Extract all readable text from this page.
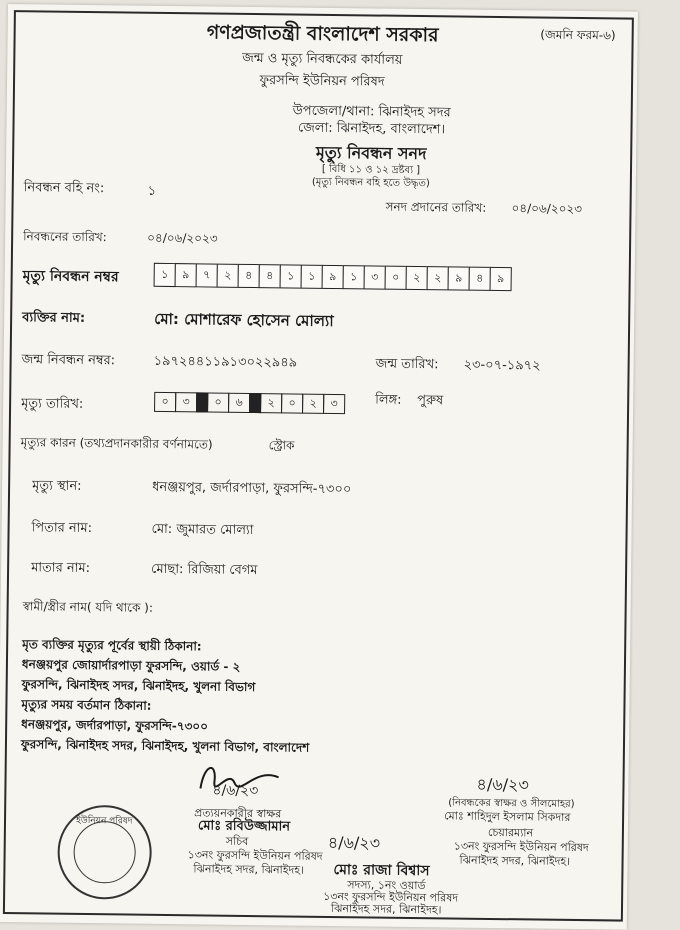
গণপ্রজাতন্ত্রী বাংলাদেশ সরকার	(জমনি ফরম-৬)
জন্ম ও মৃত্যু নিবন্ধকের কার্যালয়
ফুরসন্দি ইউনিয়ন পরিষদ
উপজেলা/থানা: ঝিনাইদহ সদর
জেলা: ঝিনাইদহ, বাংলাদেশ।
মৃত্যু নিবন্ধন সনদ
[ বিধি ১১ ও ১২ দ্রষ্টব্য ]
(মৃত্যু নিবন্ধন বহি হতে উদ্ধৃত)
নিবন্ধন বহি নং:	১
সনদ প্রদানের তারিখ: ০৪/০৬/২০২৩
নিবন্ধনের তারিখ:	০৪/০৬/২০২৩
মৃত্যু নিবন্ধন নম্বর	১	৯	৭	২	৪	৪	১	১	৯	১	৩	০	২	২	৯	৪	৯
ব্যক্তির নাম:	মো: মোশারেফ হোসেন মোল্যা
জন্ম নিবন্ধন নম্বর:	১৯৭২৪৪১১৯১৩০২২৯৪৯	জন্ম তারিখ: ২৩-০৭-১৯৭২
মৃত্যু তারিখ:	০	৩	০	৬	২	০	২	৩	লিঙ্গ: পুরুষ
মৃত্যুর কারন (তথ্যপ্রদানকারীর বর্ণনামতে)	স্ট্রোক
মৃত্যু স্থান:	ধনঞ্জয়পুর, জর্দারপাড়া, ফুরসন্দি-৭৩০০
পিতার নাম:	মো: জুমারত মোল্যা
মাতার নাম:	মোছা: রিজিয়া বেগম
স্বামী/স্ত্রীর নাম( যদি থাকে ):
মৃত ব্যক্তির মৃত্যুর পূর্বের স্থায়ী ঠিকানা:
ধনঞ্জয়পুর জোয়ার্দারপাড়া ফুরসন্দি, ওয়ার্ড - ২
ফুরসন্দি, ঝিনাইদহ সদর, ঝিনাইদহ, খুলনা বিভাগ
মৃত্যুর সময় বর্তমান ঠিকানা:
ধনঞ্জয়পুর, জর্দারপাড়া, ফুরসন্দি-৭৩০০
ফুরসন্দি, ঝিনাইদহ সদর, ঝিনাইদহ, খুলনা বিভাগ, বাংলাদেশ
৪/৬/২৩
প্রত্যয়নকারীর স্বাক্ষর
মোঃ রবিউজ্জামান
সচিব
১৩নং ফুরসন্দি ইউনিয়ন পরিষদ
ঝিনাইদহ সদর, ঝিনাইদহ।
৪/৬/২৩
মোঃ রাজা বিশ্বাস
সদস্য, ১নং ওয়ার্ড
১৩নং ফুরসন্দি ইউনিয়ন পরিষদ
ঝিনাইদহ সদর, ঝিনাইদহ।
৪/৬/২৩
(নিবন্ধকের স্বাক্ষর ও সীলমোহর)
মোঃ শাহিদুল ইসলাম সিকদার
চেয়ারম্যান
১৩নং ফুরসন্দি ইউনিয়ন পরিষদ
ঝিনাইদহ সদর, ঝিনাইদহ।
ইউনিয়ন পরিষদ
